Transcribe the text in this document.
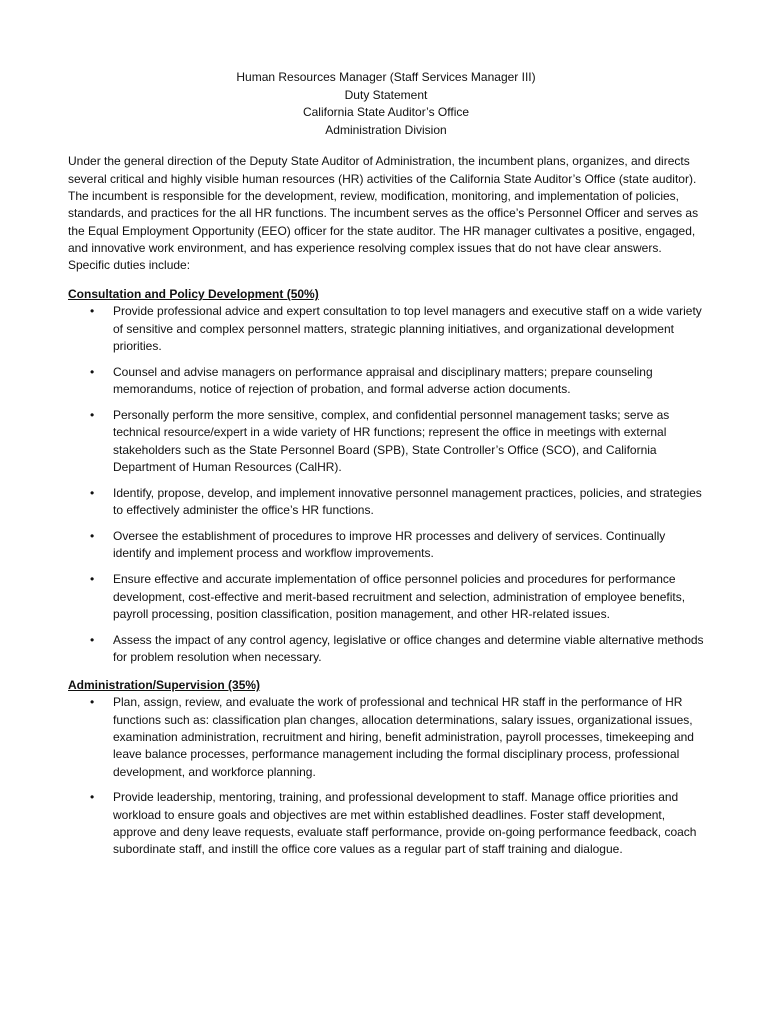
Human Resources Manager (Staff Services Manager III)
Duty Statement
California State Auditor’s Office
Administration Division

Under the general direction of the Deputy State Auditor of Administration, the incumbent plans, organizes, and directs several critical and highly visible human resources (HR) activities of the California State Auditor’s Office (state auditor). The incumbent is responsible for the development, review, modification, monitoring, and implementation of policies, standards, and practices for the all HR functions. The incumbent serves as the office’s Personnel Officer and serves as the Equal Employment Opportunity (EEO) officer for the state auditor. The HR manager cultivates a positive, engaged, and innovative work environment, and has experience resolving complex issues that do not have clear answers. Specific duties include:

Consultation and Policy Development (50%)
• Provide professional advice and expert consultation to top level managers and executive staff on a wide variety of sensitive and complex personnel matters, strategic planning initiatives, and organizational development priorities.
• Counsel and advise managers on performance appraisal and disciplinary matters; prepare counseling memorandums, notice of rejection of probation, and formal adverse action documents.
• Personally perform the more sensitive, complex, and confidential personnel management tasks; serve as technical resource/expert in a wide variety of HR functions; represent the office in meetings with external stakeholders such as the State Personnel Board (SPB), State Controller’s Office (SCO), and California Department of Human Resources (CalHR).
• Identify, propose, develop, and implement innovative personnel management practices, policies, and strategies to effectively administer the office’s HR functions.
• Oversee the establishment of procedures to improve HR processes and delivery of services. Continually identify and implement process and workflow improvements.
• Ensure effective and accurate implementation of office personnel policies and procedures for performance development, cost-effective and merit-based recruitment and selection, administration of employee benefits, payroll processing, position classification, position management, and other HR-related issues.
• Assess the impact of any control agency, legislative or office changes and determine viable alternative methods for problem resolution when necessary.
Administration/Supervision (35%)
• Plan, assign, review, and evaluate the work of professional and technical HR staff in the performance of HR functions such as: classification plan changes, allocation determinations, salary issues, organizational issues, examination administration, recruitment and hiring, benefit administration, payroll processes, timekeeping and leave balance processes, performance management including the formal disciplinary process, professional development, and workforce planning.
• Provide leadership, mentoring, training, and professional development to staff. Manage office priorities and workload to ensure goals and objectives are met within established deadlines. Foster staff development, approve and deny leave requests, evaluate staff performance, provide on-going performance feedback, coach subordinate staff, and instill the office core values as a regular part of staff training and dialogue.
